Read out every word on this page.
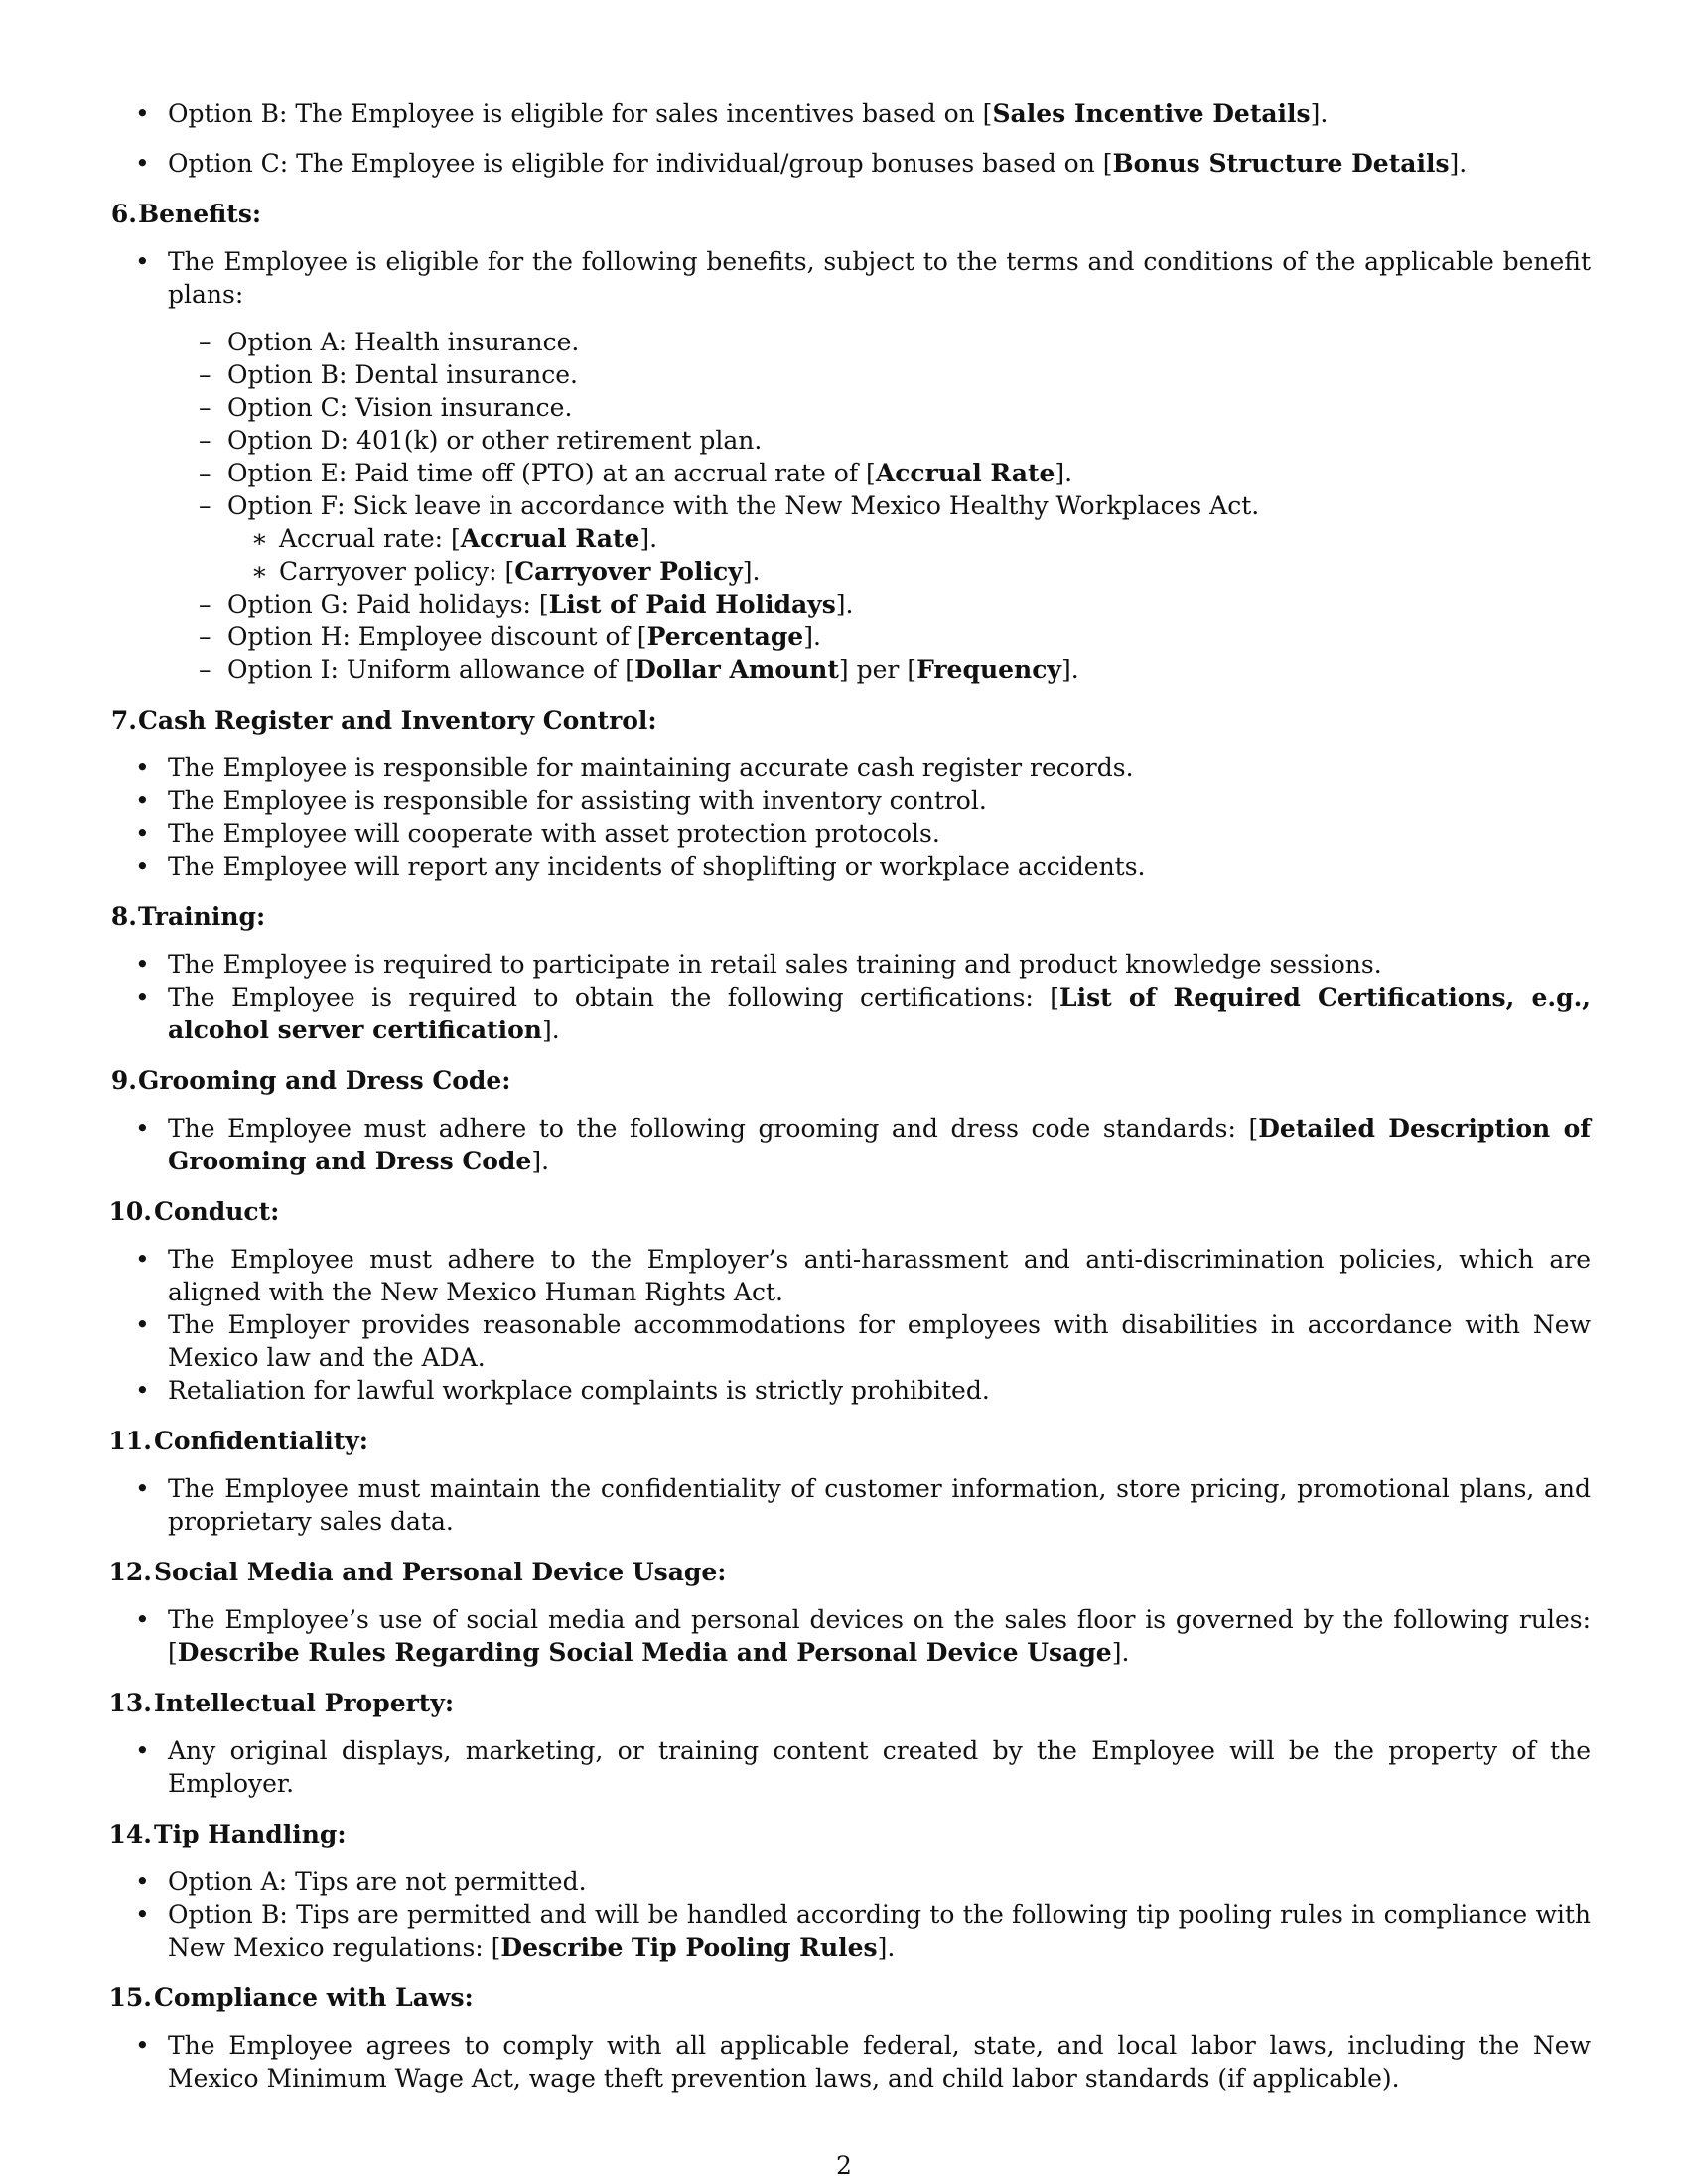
• Option B: The Employee is eligible for sales incentives based on [Sales Incentive Details].
• Option C: The Employee is eligible for individual/group bonuses based on [Bonus Structure Details].
6. Benefits:
• The Employee is eligible for the following benefits, subject to the terms and conditions of the applicable benefit plans:
– Option A: Health insurance.
– Option B: Dental insurance.
– Option C: Vision insurance.
– Option D: 401(k) or other retirement plan.
– Option E: Paid time off (PTO) at an accrual rate of [Accrual Rate].
– Option F: Sick leave in accordance with the New Mexico Healthy Workplaces Act.
∗ Accrual rate: [Accrual Rate].
∗ Carryover policy: [Carryover Policy].
– Option G: Paid holidays: [List of Paid Holidays].
– Option H: Employee discount of [Percentage].
– Option I: Uniform allowance of [Dollar Amount] per [Frequency].
7. Cash Register and Inventory Control:
• The Employee is responsible for maintaining accurate cash register records.
• The Employee is responsible for assisting with inventory control.
• The Employee will cooperate with asset protection protocols.
• The Employee will report any incidents of shoplifting or workplace accidents.
8. Training:
• The Employee is required to participate in retail sales training and product knowledge sessions.
• The Employee is required to obtain the following certifications: [List of Required Certifications, e.g., alcohol server certification].
9. Grooming and Dress Code:
• The Employee must adhere to the following grooming and dress code standards: [Detailed Description of Grooming and Dress Code].
10. Conduct:
• The Employee must adhere to the Employer’s anti-harassment and anti-discrimination policies, which are aligned with the New Mexico Human Rights Act.
• The Employer provides reasonable accommodations for employees with disabilities in accordance with New Mexico law and the ADA.
• Retaliation for lawful workplace complaints is strictly prohibited.
11. Confidentiality:
• The Employee must maintain the confidentiality of customer information, store pricing, promotional plans, and proprietary sales data.
12. Social Media and Personal Device Usage:
• The Employee’s use of social media and personal devices on the sales floor is governed by the following rules: [Describe Rules Regarding Social Media and Personal Device Usage].
13. Intellectual Property:
• Any original displays, marketing, or training content created by the Employee will be the property of the Employer.
14. Tip Handling:
• Option A: Tips are not permitted.
• Option B: Tips are permitted and will be handled according to the following tip pooling rules in compliance with New Mexico regulations: [Describe Tip Pooling Rules].
15. Compliance with Laws:
• The Employee agrees to comply with all applicable federal, state, and local labor laws, including the New Mexico Minimum Wage Act, wage theft prevention laws, and child labor standards (if applicable).
2
